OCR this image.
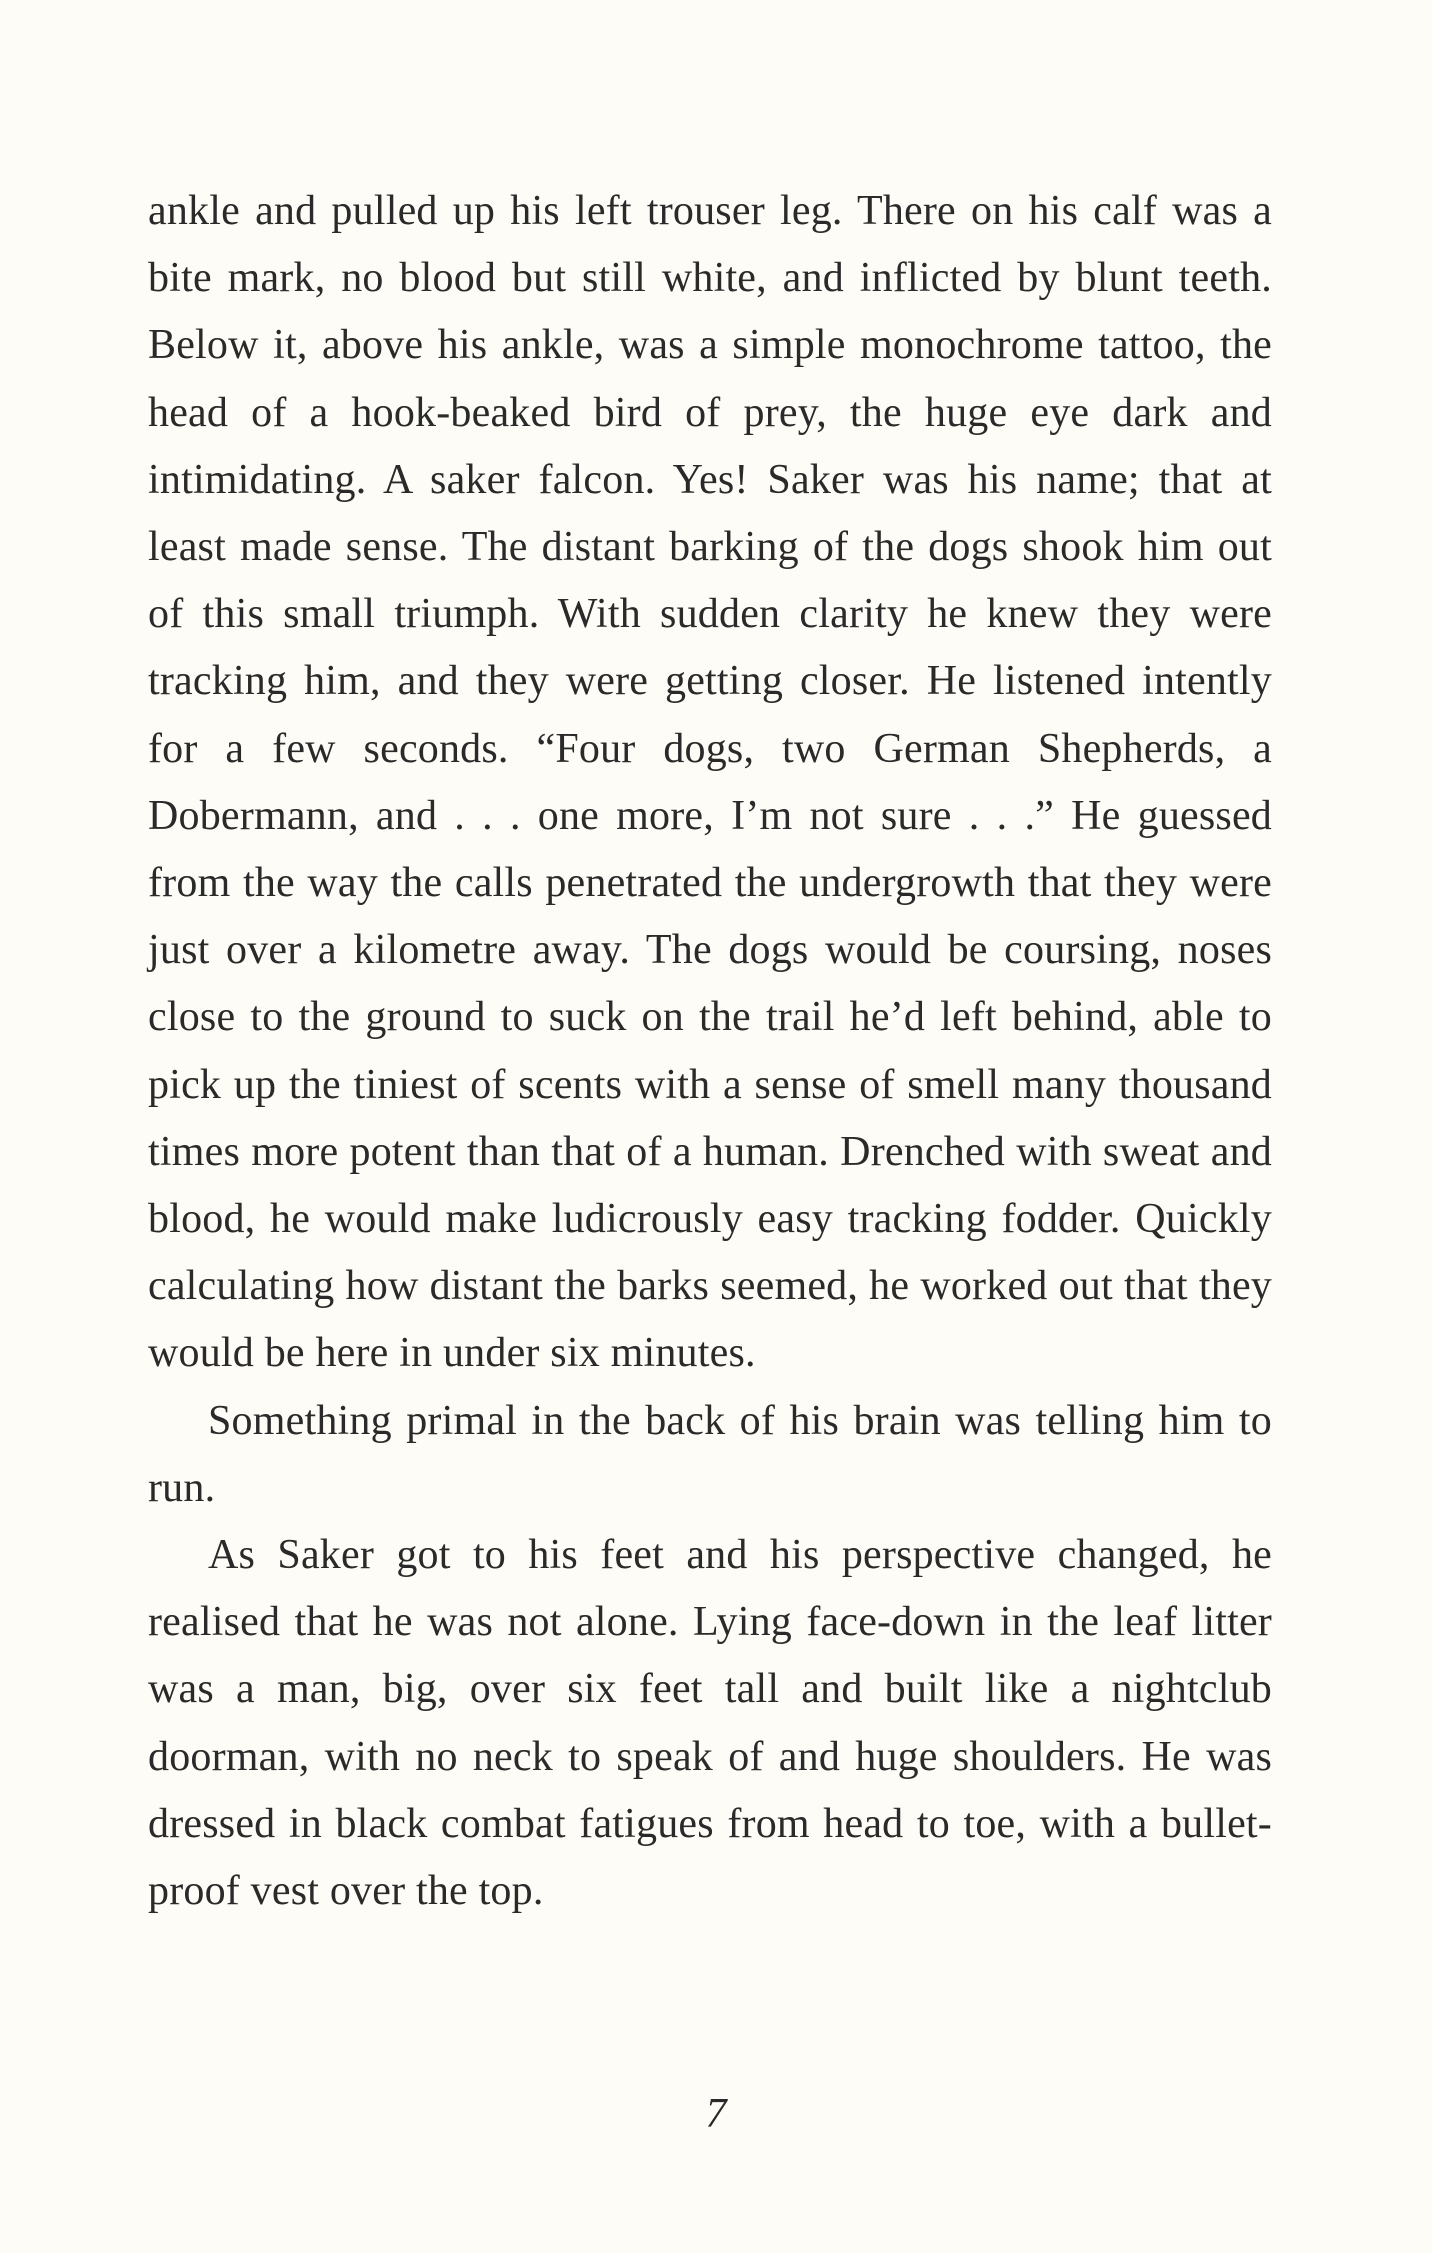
ankle and pulled up his left trouser leg. There on his calf was a bite mark, no blood but still white, and inflicted by blunt teeth. Below it, above his ankle, was a simple monochrome tattoo, the head of a hook-beaked bird of prey, the huge eye dark and intimidating. A saker falcon. Yes! Saker was his name; that at least made sense. The distant barking of the dogs shook him out of this small triumph. With sudden clarity he knew they were tracking him, and they were getting closer. He listened intently for a few seconds. “Four dogs, two German Shepherds, a Dobermann, and . . . one more, I’m not sure . . .” He guessed from the way the calls penetrated the undergrowth that they were just over a kilometre away. The dogs would be coursing, noses close to the ground to suck on the trail he’d left behind, able to pick up the tiniest of scents with a sense of smell many thousand times more potent than that of a human. Drenched with sweat and blood, he would make ludicrously easy tracking fodder. Quickly calculating how distant the barks seemed, he worked out that they would be here in under six minutes.

Something primal in the back of his brain was telling him to run.

As Saker got to his feet and his perspective changed, he realised that he was not alone. Lying face-down in the leaf litter was a man, big, over six feet tall and built like a nightclub doorman, with no neck to speak of and huge shoulders. He was dressed in black combat fatigues from head to toe, with a bullet-proof vest over the top.

7
